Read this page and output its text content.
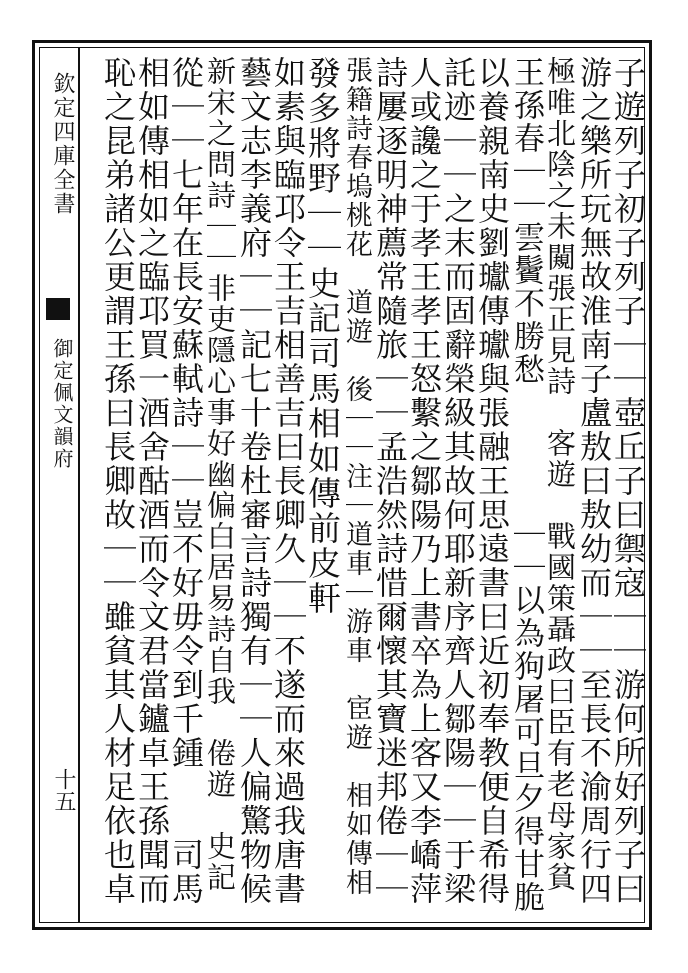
欽定四庫全書
御定佩文韻府
十五	子遊列子初子列子｜｜壺丘子曰禦寇｜｜游何所好列子曰
游之樂所玩無故淮南子盧敖曰敖幼而｜｜至長不渝周行四
極唯北陰之未闚張正見詩　客遊　戰國策聶政曰臣有老母家貧
王孫春｜｜雲鬢不勝愁　　　　｜｜以為狗屠可旦夕得甘脆
以養親南史劉瓛傳瓛與張融王思遠書曰近初奉教便自希得
託迹｜｜之末而固辭榮級其故何耶新序齊人鄒陽｜｜于梁
人或讒之于孝王孝王怒繫之鄒陽乃上書卒為上客又李嶠萍
詩屢逐明神薦常隨旅｜｜孟浩然詩惜爾懷其寶迷邦倦｜｜
張籍詩春塢桃花　道遊　後｜｜注｜道車｜游車　宦遊　相如傳相
發多將野｜｜史記司馬相如傳前皮軒
如素與臨邛令王吉相善吉曰長卿久｜｜不遂而來過我唐書
藝文志李義府｜｜記七十卷杜審言詩獨有｜｜人偏驚物候
新宋之問詩｜｜非吏隱心事好幽偏白居易詩自我　倦遊　史記
從｜｜七年在長安蘇軾詩｜｜豈不好毋令到千鍾　　司馬
相如傳相如之臨邛買一酒舍酤酒而令文君當鑪卓王孫聞而
恥之昆弟諸公更謂王孫曰長卿故｜｜雖貧其人材足依也卓
